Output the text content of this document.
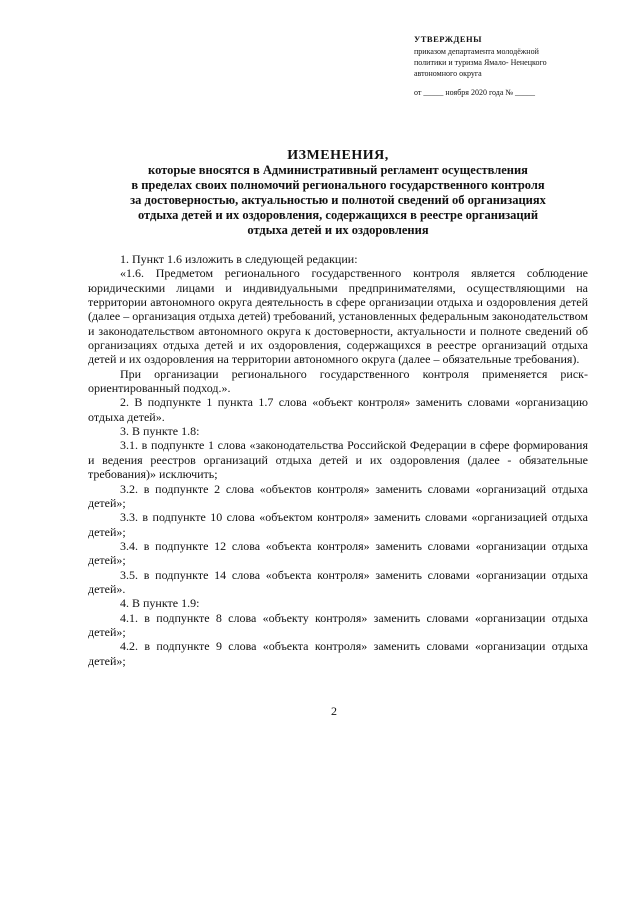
УТВЕРЖДЕНЫ
приказом департамента молодёжной
политики и туризма Ямало- Ненецкого
автономного округа
от _____ ноября 2020 года № _____
ИЗМЕНЕНИЯ,
которые вносятся в Административный регламент осуществления
в пределах своих полномочий регионального государственного контроля
за достоверностью, актуальностью и полнотой сведений об организациях
отдыха детей и их оздоровления, содержащихся в реестре организаций
отдыха детей и их оздоровления

1. Пункт 1.6 изложить в следующей редакции:

«1.6. Предметом регионального государственного контроля является соблюдение юридическими лицами и индивидуальными предпринимателями, осуществляющими на территории автономного округа деятельность в сфере организации отдыха и оздоровления детей (далее – организация отдыха детей) требований, установленных федеральным законодательством и законодательством автономного округа к достоверности, актуальности и полноте сведений об организациях отдыха детей и их оздоровления, содержащихся в реестре организаций отдыха детей и их оздоровления на территории автономного округа (далее – обязательные требования).

При организации регионального государственного контроля применяется риск-ориентированный подход.».

2. В подпункте 1 пункта 1.7 слова «объект контроля» заменить словами «организацию отдыха детей».

3. В пункте 1.8:

3.1. в подпункте 1 слова «законодательства Российской Федерации в сфере формирования и ведения реестров организаций отдыха детей и их оздоровления (далее - обязательные требования)» исключить;

3.2. в подпункте 2 слова «объектов контроля» заменить словами «организаций отдыха детей»;

3.3. в подпункте 10 слова «объектом контроля» заменить словами «организацией отдыха детей»;

3.4. в подпункте 12 слова «объекта контроля» заменить словами «организации отдыха детей»;

3.5. в подпункте 14 слова «объекта контроля» заменить словами «организации отдыха детей».

4. В пункте 1.9:

4.1. в подпункте 8 слова «объекту контроля» заменить словами «организации отдыха детей»;

4.2. в подпункте 9 слова «объекта контроля» заменить словами «организации отдыха детей»;

2
